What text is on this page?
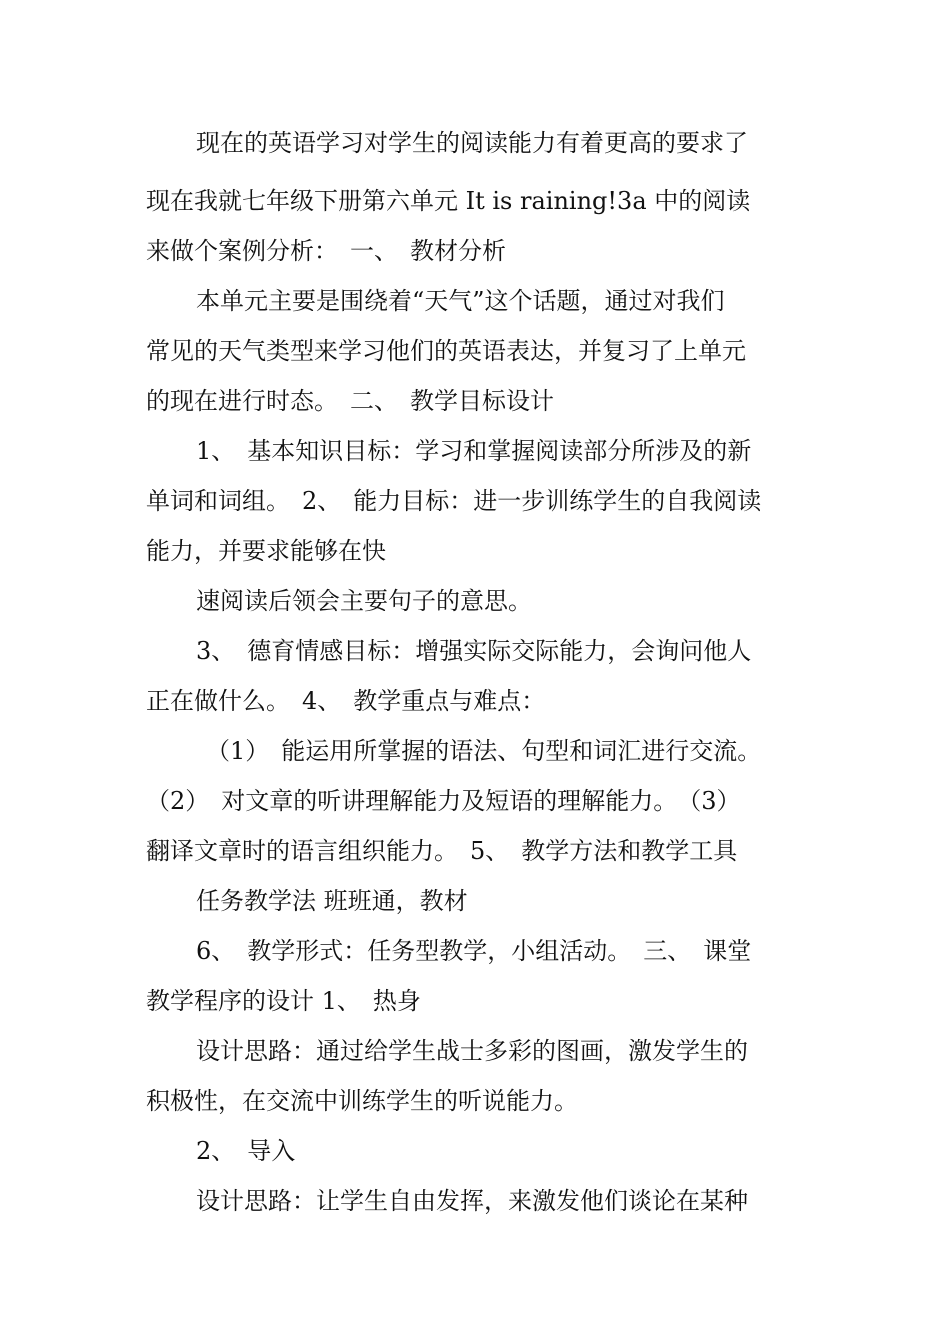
现在的英语学习对学生的阅读能力有着更高的要求了
现在我就七年级下册第六单元 It is raining!3a 中的阅读
来做个案例分析：　一、　教材分析
本单元主要是围绕着“天气”这个话题，通过对我们
常见的天气类型来学习他们的英语表达，并复习了上单元
的现在进行时态。　二、　教学目标设计
1、　基本知识目标：学习和掌握阅读部分所涉及的新
单词和词组。　2、　能力目标：进一步训练学生的自我阅读
能力，并要求能够在快
速阅读后领会主要句子的意思。
3、　德育情感目标：增强实际交际能力，会询问他人
正在做什么。　4、　教学重点与难点：
（1）　能运用所掌握的语法、句型和词汇进行交流。
（2）　对文章的听讲理解能力及短语的理解能力。　（3）
翻译文章时的语言组织能力。　5、　教学方法和教学工具
任务教学法 班班通，教材
6、　教学形式：任务型教学，小组活动。　三、　课堂
教学程序的设计 1、　热身
设计思路：通过给学生战士多彩的图画，激发学生的
积极性，在交流中训练学生的听说能力。
2、　导入
设计思路：让学生自由发挥，来激发他们谈论在某种
